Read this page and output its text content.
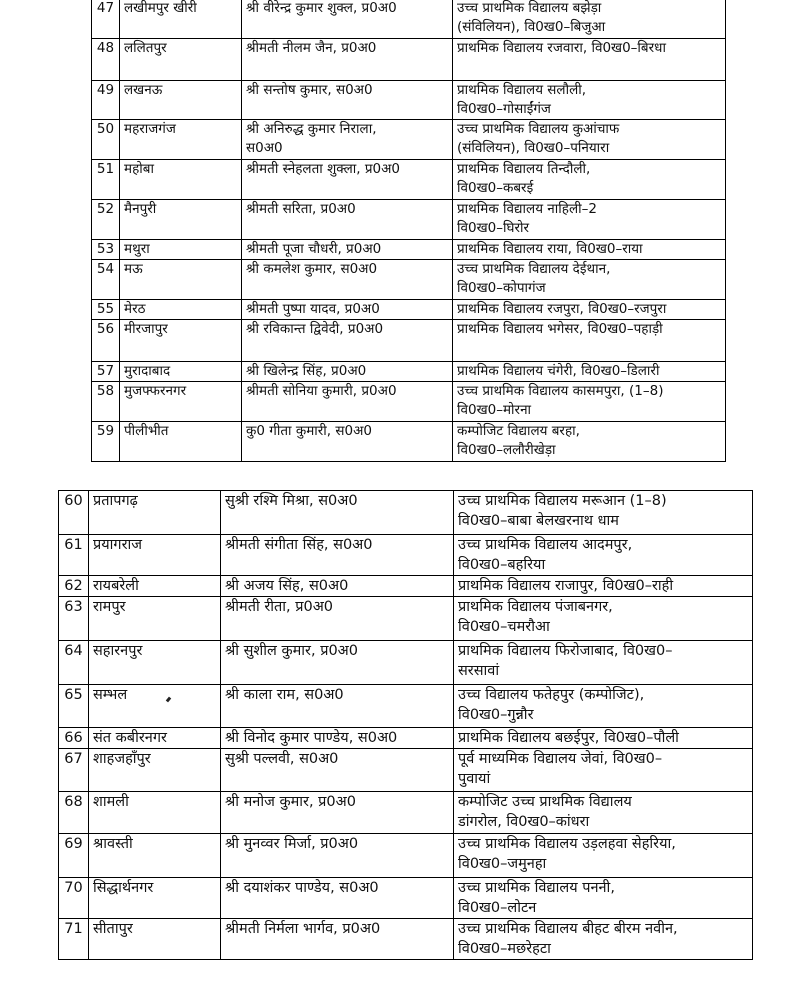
47	लखीमपुर खीरी	श्री वीरेन्द्र कुमार शुक्ल, प्र0अ0	उच्च प्राथमिक विद्यालय बझेड़ा
(संविलियन), वि0ख0–बिजुआ
48	ललितपुर	श्रीमती नीलम जैन, प्र0अ0	प्राथमिक विद्यालय रजवारा, वि0ख0–बिरधा
49	लखनऊ	श्री सन्तोष कुमार, स0अ0	प्राथमिक विद्यालय सलौली,
वि0ख0–गोसाईंगंज
50	महराजगंज	श्री अनिरुद्ध कुमार निराला,
स0अ0	उच्च प्राथमिक विद्यालय कुआंचाफ
(संविलियन), वि0ख0–पनियारा
51	महोबा	श्रीमती स्नेहलता शुक्ला, प्र0अ0	प्राथमिक विद्यालय तिन्दौली,
वि0ख0–कबरई
52	मैनपुरी	श्रीमती सरिता, प्र0अ0	प्राथमिक विद्यालय नाहिली–2
वि0ख0–घिरोर
53	मथुरा	श्रीमती पूजा चौधरी, प्र0अ0	प्राथमिक विद्यालय राया, वि0ख0–राया
54	मऊ	श्री कमलेश कुमार, स0अ0	उच्च प्राथमिक विद्यालय देईथान,
वि0ख0–कोपागंज
55	मेरठ	श्रीमती पुष्पा यादव, प्र0अ0	प्राथमिक विद्यालय रजपुरा, वि0ख0–रजपुरा
56	मीरजापुर	श्री रविकान्त द्विवेदी, प्र0अ0	प्राथमिक विद्यालय भगेसर, वि0ख0–पहाड़ी
57	मुरादाबाद	श्री खिलेन्द्र सिंह, प्र0अ0	प्राथमिक विद्यालय चंगेरी, वि0ख0–डिलारी
58	मुजफ्फरनगर	श्रीमती सोनिया कुमारी, प्र0अ0	उच्च प्राथमिक विद्यालय कासमपुरा, (1–8)
वि0ख0–मोरना
59	पीलीभीत	कु0 गीता कुमारी, स0अ0	कम्पोजिट विद्यालय बरहा,
वि0ख0–ललौरीखेड़ा
60	प्रतापगढ़	सुश्री रश्मि मिश्रा, स0अ0	उच्च प्राथमिक विद्यालय मरूआन (1–8)
वि0ख0–बाबा बेलखरनाथ धाम
61	प्रयागराज	श्रीमती संगीता सिंह, स0अ0	उच्च प्राथमिक विद्यालय आदमपुर,
वि0ख0–बहरिया
62	रायबरेली	श्री अजय सिंह, स0अ0	प्राथमिक विद्यालय राजापुर, वि0ख0–राही
63	रामपुर	श्रीमती रीता, प्र0अ0	प्राथमिक विद्यालय पंजाबनगर,
वि0ख0–चमरौआ
64	सहारनपुर	श्री सुशील कुमार, प्र0अ0	प्राथमिक विद्यालय फिरोजाबाद, वि0ख0–
सरसावां
65	सम्भल	श्री काला राम, स0अ0	उच्च विद्यालय फतेहपुर (कम्पोजिट),
वि0ख0–गुन्नौर
66	संत कबीरनगर	श्री विनोद कुमार पाण्डेय, स0अ0	प्राथमिक विद्यालय बछईपुर, वि0ख0–पौली
67	शाहजहाँपुर	सुश्री पल्लवी, स0अ0	पूर्व माध्यमिक विद्यालय जेवां, वि0ख0–
पुवायां
68	शामली	श्री मनोज कुमार, प्र0अ0	कम्पोजिट उच्च प्राथमिक विद्यालय
डांगरोल, वि0ख0–कांधरा
69	श्रावस्ती	श्री मुनव्वर मिर्जा, प्र0अ0	उच्च प्राथमिक विद्यालय उड़लहवा सेहरिया,
वि0ख0–जमुनहा
70	सिद्धार्थनगर	श्री दयाशंकर पाण्डेय, स0अ0	उच्च प्राथमिक विद्यालय पननी,
वि0ख0–लोटन
71	सीतापुर	श्रीमती निर्मला भार्गव, प्र0अ0	उच्च प्राथमिक विद्यालय बीहट बीरम नवीन,
वि0ख0–मछरेहटा
